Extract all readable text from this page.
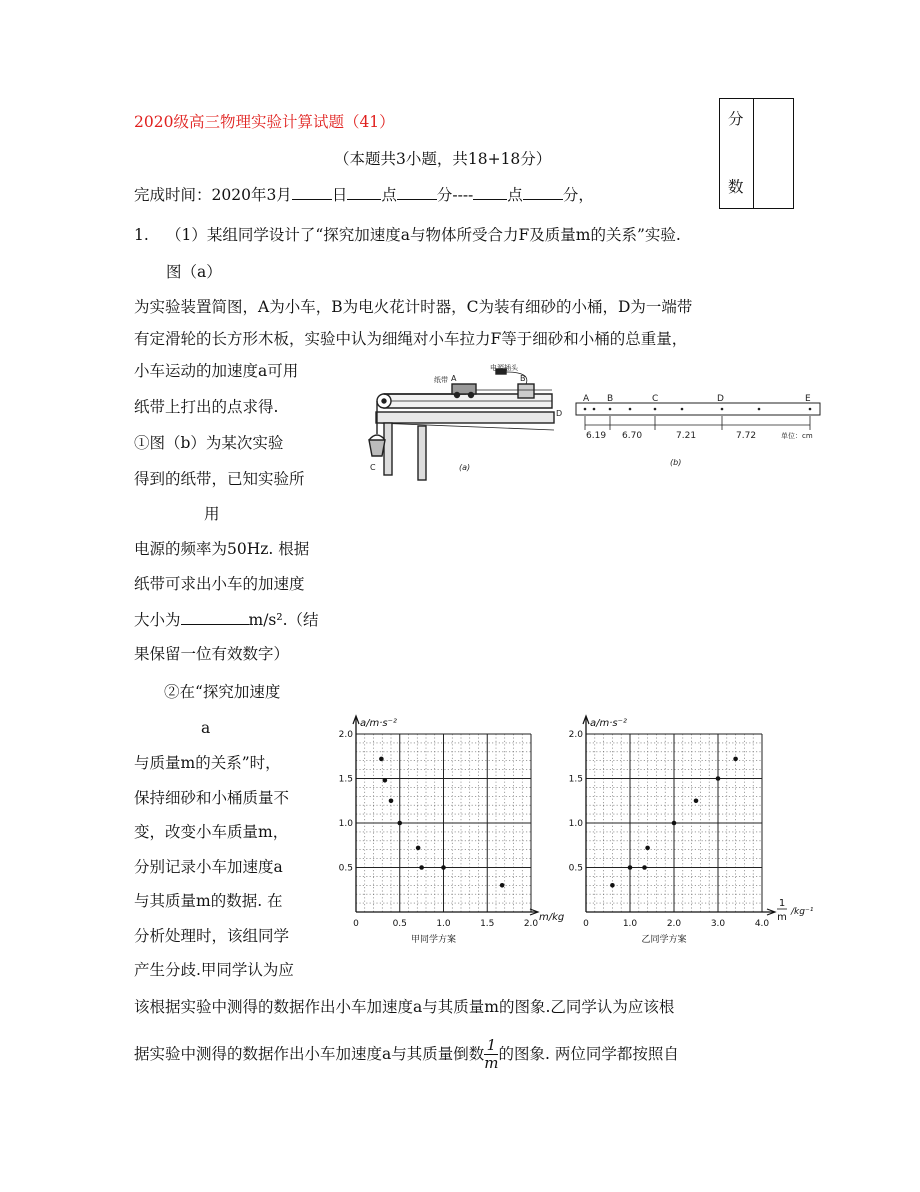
2020级高三物理实验计算试题（41）
（本题共3小题，共18+18分）
完成时间：2020年3月	日 点	分---- 点	分，
分
数
1. （1）某组同学设计了“探究加速度a与物体所受合力F及质量m的关系”实验.
图（a）
为实验装置简图，A为小车，B为电火花计时器，C为装有细砂的小桶，D为一端带
有定滑轮的长方形木板，实验中认为细绳对小车拉力F等于细砂和小桶的总重量，
小车运动的加速度a可用
纸带上打出的点求得.
①图（b）为某次实验
得到的纸带，已知实验所
用
电源的频率为50Hz. 根据
纸带可求出小车的加速度
大小为	m/s².（结
果保留一位有效数字）
②在“探究加速度
a
与质量m的关系”时，
保持细砂和小桶质量不
变，改变小车质量m，
分别记录小车加速度a
与其质量m的数据. 在
分析处理时，该组同学
产生分歧.甲同学认为应
该根据实验中测得的数据作出小车加速度a与其质量m的图象.乙同学认为应该根
据实验中测得的数据作出小车加速度a与其质量倒数 $\frac{1}{m}$ 的图象. 两位同学都按照自
电源插头
纸带 A	B
C
D
(a)
A B	C	D	E
6.19 6.70	7.21	7.72	单位：cm
(b)
0	0.5	1.0	1.5	2.0
0.5
1.0
1.5
2.0
a/m·s⁻²
m/kg
甲同学方案
0	1.0	2.0	3.0	4.0
0.5
1.0
1.5
2.0
a/m·s⁻²
1
m /kg⁻¹
乙同学方案
